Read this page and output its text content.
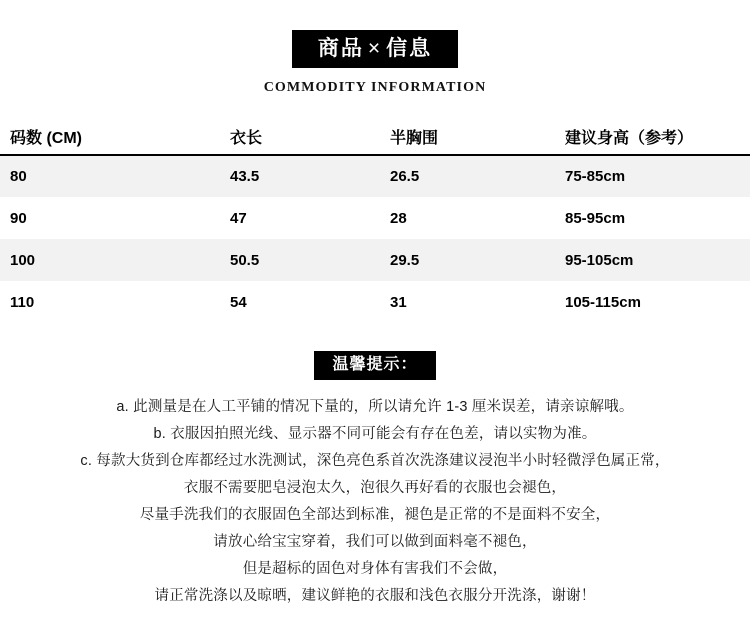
商品 × 信息
COMMODITY INFORMATION
码数 (CM)	衣长	半胸围	建议身高（参考）
80	43.5	26.5	75-85cm
90	47	28	85-95cm
100	50.5	29.5	95-105cm
110	54	31	105-115cm
温馨提示：
a. 此测量是在人工平铺的情况下量的，所以请允许 1-3 厘米误差，请亲谅解哦。
b. 衣服因拍照光线、显示器不同可能会有存在色差，请以实物为准。
c. 每款大货到仓库都经过水洗测试，深色亮色系首次洗涤建议浸泡半小时轻微浮色属正常，
衣服不需要肥皂浸泡太久，泡很久再好看的衣服也会褪色，
尽量手洗我们的衣服固色全部达到标准，褪色是正常的不是面料不安全，
请放心给宝宝穿着，我们可以做到面料毫不褪色，
但是超标的固色对身体有害我们不会做，
请正常洗涤以及晾晒，建议鲜艳的衣服和浅色衣服分开洗涤，谢谢！
